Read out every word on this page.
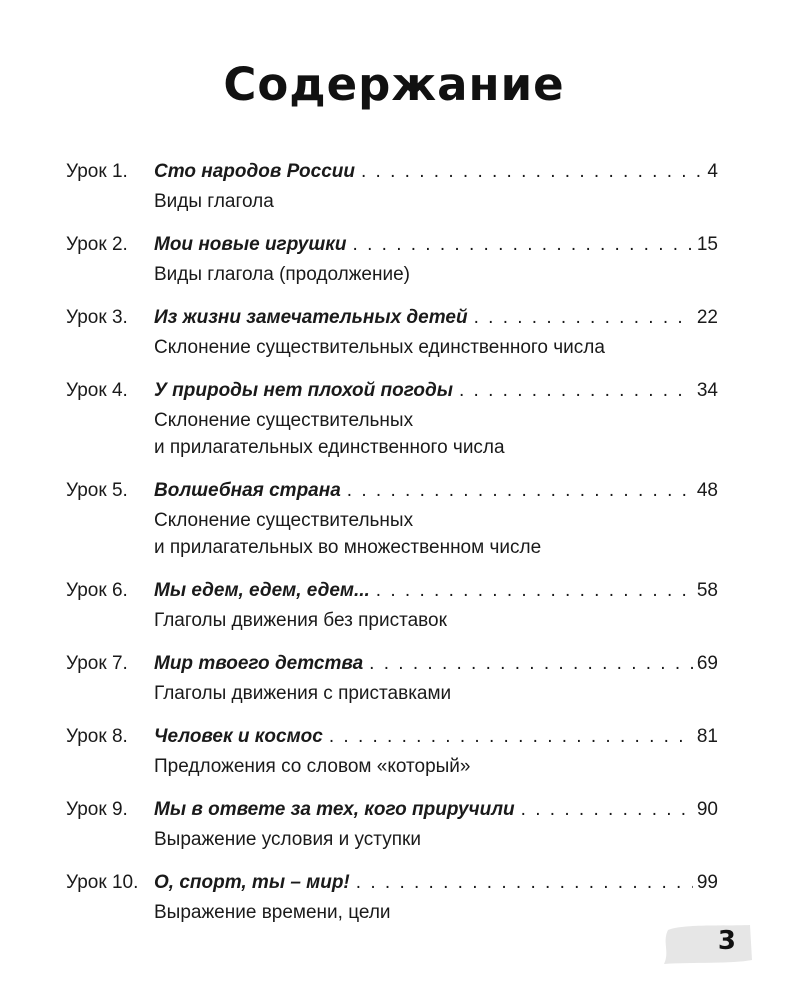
Содержание
Урок 1.	Сто народов России . . .	4
Виды глагола
Урок 2.	Мои новые игрушки . . .	15
Виды глагола (продолжение)
Урок 3.	Из жизни замечательных детей . . .	22
Склонение существительных единственного числа
Урок 4.	У природы нет плохой погоды . . .	34
Склонение существительных
и прилагательных единственного числа
Урок 5.	Волшебная страна . . .	48
Склонение существительных
и прилагательных во множественном числе
Урок 6.	Мы едем, едем, едем... . . .	58
Глаголы движения без приставок
Урок 7.	Мир твоего детства . . .	69
Глаголы движения с приставками
Урок 8.	Человек и космос . . .	81
Предложения со словом «который»
Урок 9.	Мы в ответе за тех, кого приручили . . .	90
Выражение условия и уступки
Урок 10. О, спорт, ты – мир! . . .	99
Выражение времени, цели
3
